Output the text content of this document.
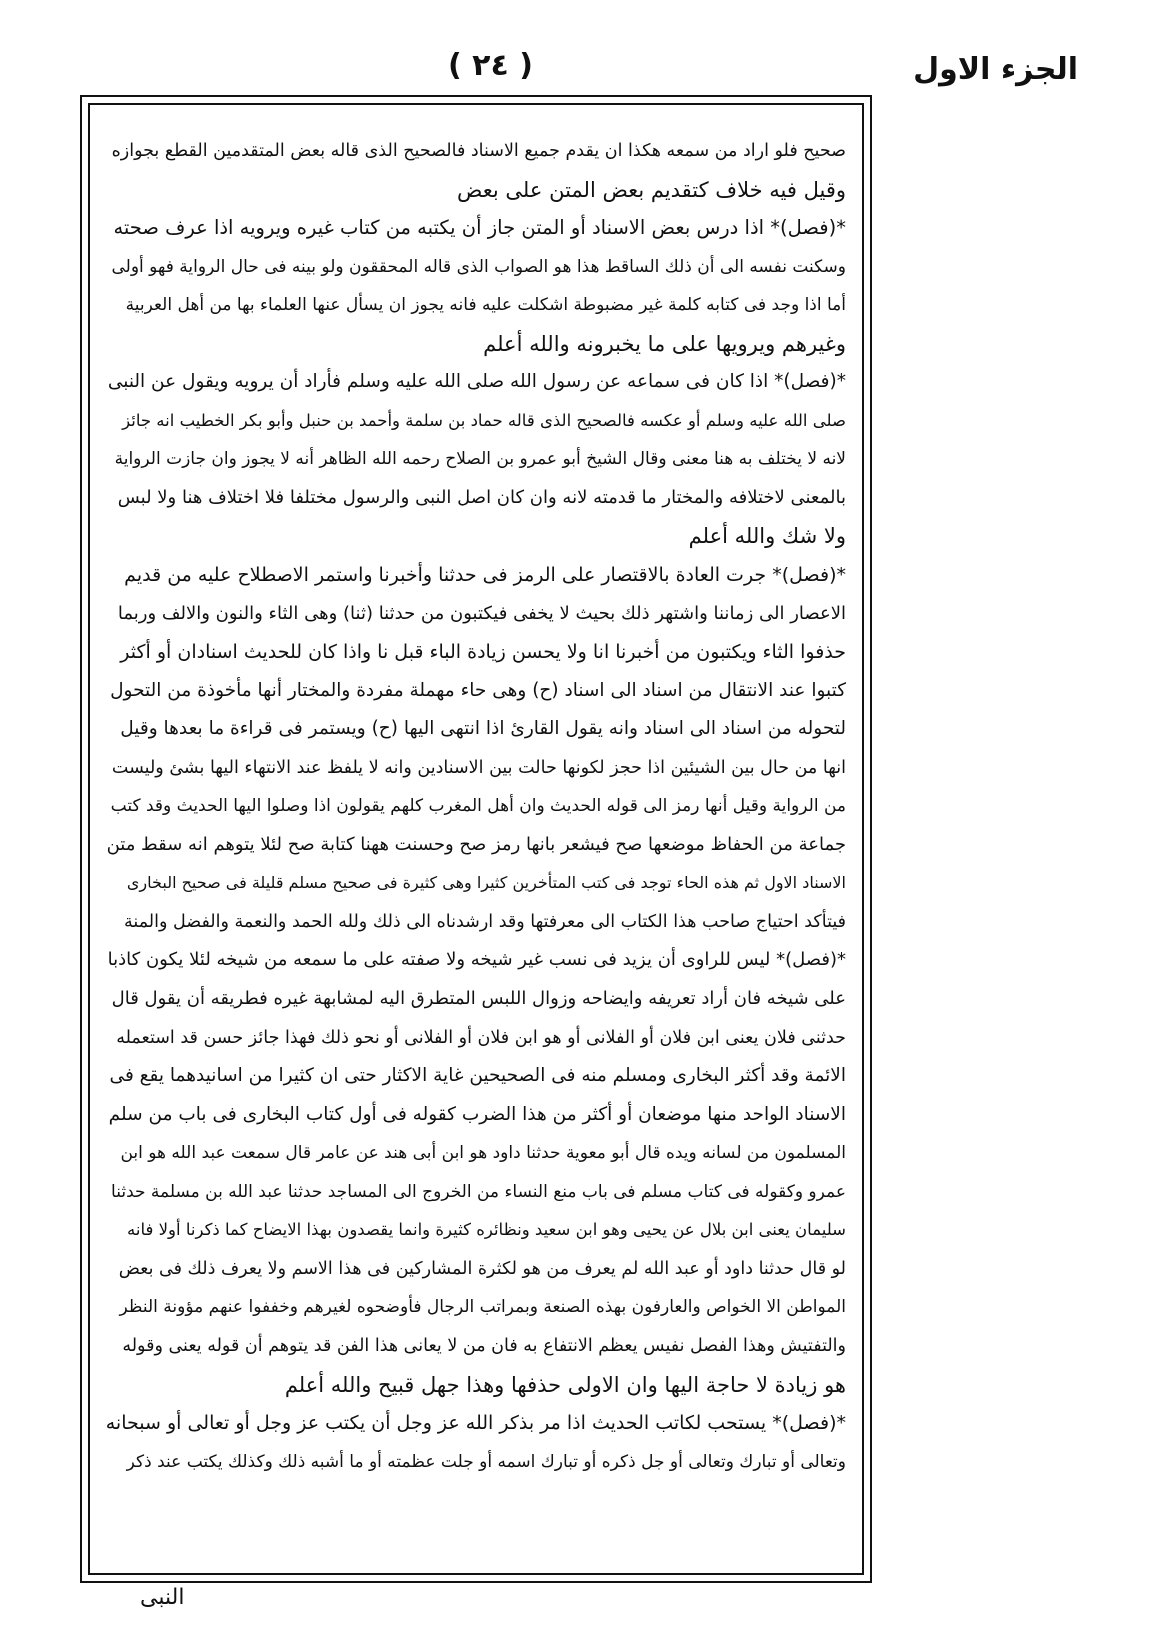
الجزء الاول
( ٢٤ )
صحيح فلو اراد من سمعه هكذا ان يقدم جميع الاسناد فالصحيح الذى قاله بعض المتقدمين القطع بجوازه
وقيل فيه خلاف كتقديم بعض المتن على بعض
*(فصل)* اذا درس بعض الاسناد أو المتن جاز أن يكتبه من كتاب غيره ويرويه اذا عرف صحته
وسكنت نفسه الى أن ذلك الساقط هذا هو الصواب الذى قاله المحققون ولو بينه فى حال الرواية فهو أولى
أما اذا وجد فى كتابه كلمة غير مضبوطة اشكلت عليه فانه يجوز ان يسأل عنها العلماء بها من أهل العربية
وغيرهم ويرويها على ما يخبرونه والله أعلم
*(فصل)* اذا كان فى سماعه عن رسول الله صلى الله عليه وسلم فأراد أن يرويه ويقول عن النبى
صلى الله عليه وسلم أو عكسه فالصحيح الذى قاله حماد بن سلمة وأحمد بن حنبل وأبو بكر الخطيب انه جائز
لانه لا يختلف به هنا معنى وقال الشيخ أبو عمرو بن الصلاح رحمه الله الظاهر أنه لا يجوز وان جازت الرواية
بالمعنى لاختلافه والمختار ما قدمته لانه وان كان اصل النبى والرسول مختلفا فلا اختلاف هنا ولا لبس
ولا شك والله أعلم
*(فصل)* جرت العادة بالاقتصار على الرمز فى حدثنا وأخبرنا واستمر الاصطلاح عليه من قديم
الاعصار الى زماننا واشتهر ذلك بحيث لا يخفى فيكتبون من حدثنا (ثنا) وهى الثاء والنون والالف وربما
حذفوا الثاء ويكتبون من أخبرنا انا ولا يحسن زيادة الباء قبل نا واذا كان للحديث اسنادان أو أكثر
كتبوا عند الانتقال من اسناد الى اسناد (ح) وهى حاء مهملة مفردة والمختار أنها مأخوذة من التحول
لتحوله من اسناد الى اسناد وانه يقول القارئ اذا انتهى اليها (ح) ويستمر فى قراءة ما بعدها وقيل
انها من حال بين الشيئين اذا حجز لكونها حالت بين الاسنادين وانه لا يلفظ عند الانتهاء اليها بشئ وليست
من الرواية وقيل أنها رمز الى قوله الحديث وان أهل المغرب كلهم يقولون اذا وصلوا اليها الحديث وقد كتب
جماعة من الحفاظ موضعها صح فيشعر بانها رمز صح وحسنت ههنا كتابة صح لئلا يتوهم انه سقط متن
الاسناد الاول ثم هذه الحاء توجد فى كتب المتأخرين كثيرا وهى كثيرة فى صحيح مسلم قليلة فى صحيح البخارى
فيتأكد احتياج صاحب هذا الكتاب الى معرفتها وقد ارشدناه الى ذلك ولله الحمد والنعمة والفضل والمنة
*(فصل)* ليس للراوى أن يزيد فى نسب غير شيخه ولا صفته على ما سمعه من شيخه لئلا يكون كاذبا
على شيخه فان أراد تعريفه وايضاحه وزوال اللبس المتطرق اليه لمشابهة غيره فطريقه أن يقول قال
حدثنى فلان يعنى ابن فلان أو الفلانى أو هو ابن فلان أو الفلانى أو نحو ذلك فهذا جائز حسن قد استعمله
الائمة وقد أكثر البخارى ومسلم منه فى الصحيحين غاية الاكثار حتى ان كثيرا من اسانيدهما يقع فى
الاسناد الواحد منها موضعان أو أكثر من هذا الضرب كقوله فى أول كتاب البخارى فى باب من سلم
المسلمون من لسانه ويده قال أبو معوية حدثنا داود هو ابن أبى هند عن عامر قال سمعت عبد الله هو ابن
عمرو وكقوله فى كتاب مسلم فى باب منع النساء من الخروج الى المساجد حدثنا عبد الله بن مسلمة حدثنا
سليمان يعنى ابن بلال عن يحيى وهو ابن سعيد ونظائره كثيرة وانما يقصدون بهذا الايضاح كما ذكرنا أولا فانه
لو قال حدثنا داود أو عبد الله لم يعرف من هو لكثرة المشاركين فى هذا الاسم ولا يعرف ذلك فى بعض
المواطن الا الخواص والعارفون بهذه الصنعة وبمراتب الرجال فأوضحوه لغيرهم وخففوا عنهم مؤونة النظر
والتفتيش وهذا الفصل نفيس يعظم الانتفاع به فان من لا يعانى هذا الفن قد يتوهم أن قوله يعنى وقوله
هو زيادة لا حاجة اليها وان الاولى حذفها وهذا جهل قبيح والله أعلم
*(فصل)* يستحب لكاتب الحديث اذا مر بذكر الله عز وجل أن يكتب عز وجل أو تعالى أو سبحانه
وتعالى أو تبارك وتعالى أو جل ذكره أو تبارك اسمه أو جلت عظمته أو ما أشبه ذلك وكذلك يكتب عند ذكر
النبى
